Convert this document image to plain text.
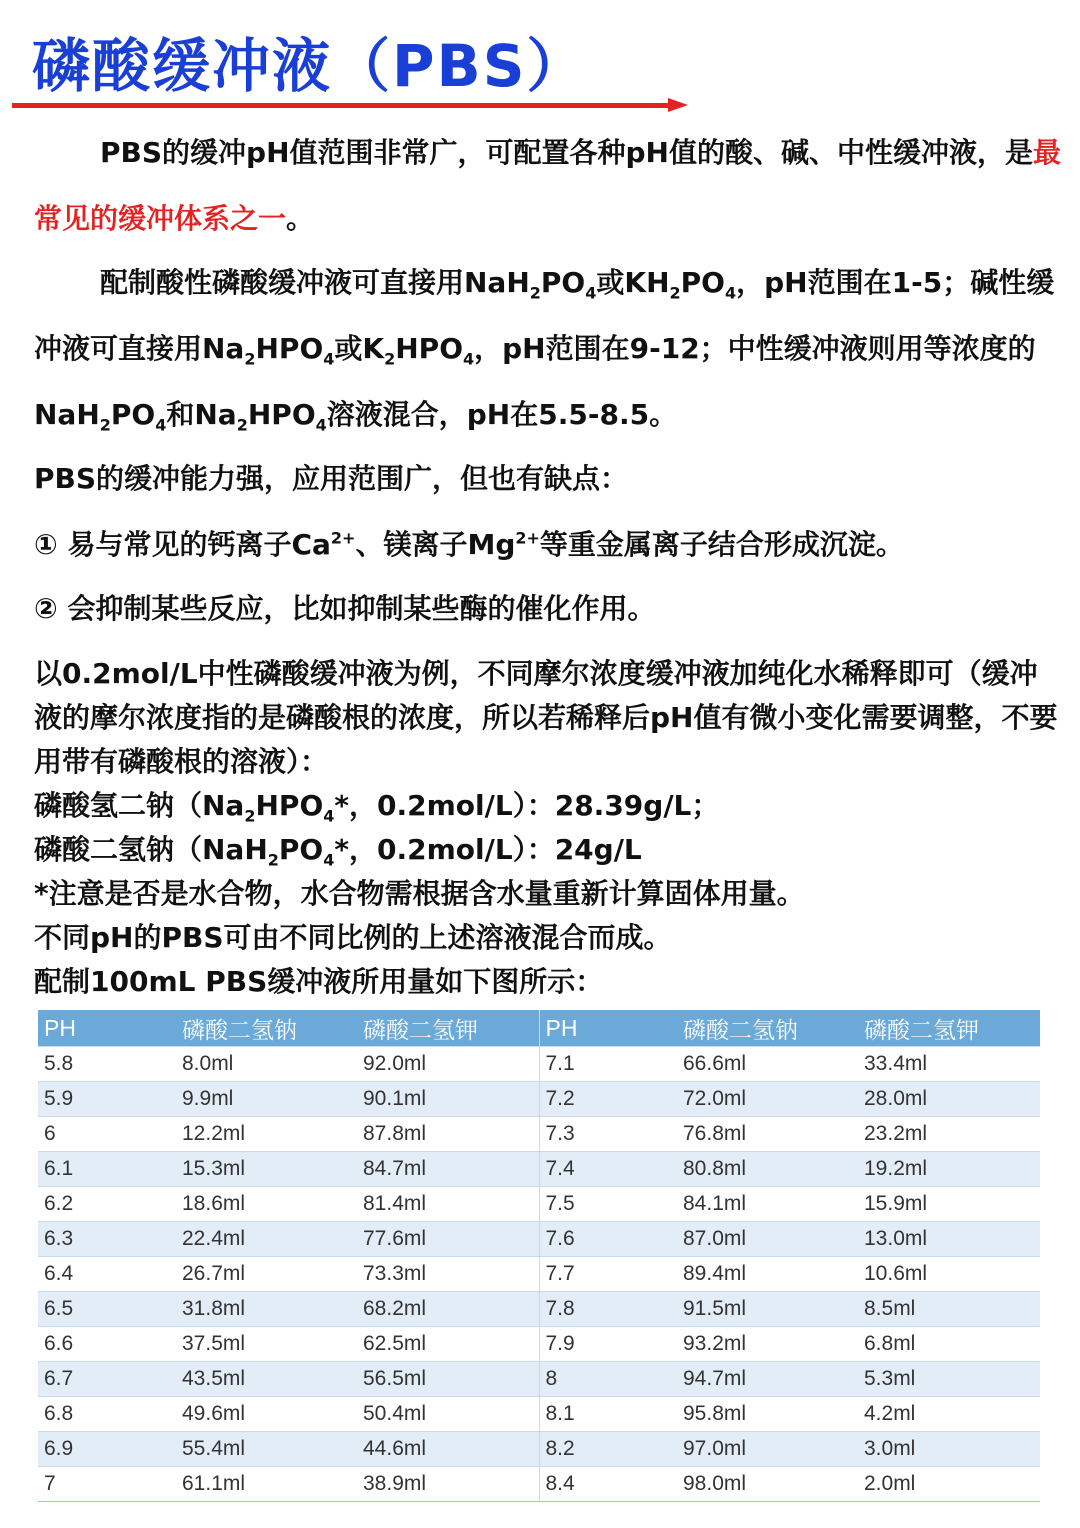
磷酸缓冲液（PBS）

PBS的缓冲pH值范围非常广，可配置各种pH值的酸、碱、中性缓冲液，是最常见的缓冲体系之一。

配制酸性磷酸缓冲液可直接用$NaH_2PO_4$或$KH_2PO_4$，pH范围在1-5；碱性缓冲液可直接用$Na_2HPO_4$或$K_2HPO_4$，pH范围在9-12；中性缓冲液则用等浓度的$NaH_2PO_4$和$Na_2HPO_4$溶液混合，pH在5.5-8.5。

PBS的缓冲能力强，应用范围广，但也有缺点：

① 易与常见的钙离子$Ca^{2+}$、镁离子$Mg^{2+}$等重金属离子结合形成沉淀。

② 会抑制某些反应，比如抑制某些酶的催化作用。

以0.2mol/L中性磷酸缓冲液为例，不同摩尔浓度缓冲液加纯化水稀释即可（缓冲液的摩尔浓度指的是磷酸根的浓度，所以若稀释后pH值有微小变化需要调整，不要用带有磷酸根的溶液）：
磷酸氢二钠（$Na_2HPO_4*$，0.2mol/L）：28.39g/L；
磷酸二氢钠（$NaH_2PO_4*$，0.2mol/L）：24g/L
*注意是否是水合物，水合物需根据含水量重新计算固体用量。
不同pH的PBS可由不同比例的上述溶液混合而成。
配制100mL PBS缓冲液所用量如下图所示：
PH	磷酸二氢钠	磷酸二氢钾	PH	磷酸二氢钠	磷酸二氢钾
5.8	8.0ml	92.0ml	7.1	66.6ml	33.4ml
5.9	9.9ml	90.1ml	7.2	72.0ml	28.0ml
6	12.2ml	87.8ml	7.3	76.8ml	23.2ml
6.1	15.3ml	84.7ml	7.4	80.8ml	19.2ml
6.2	18.6ml	81.4ml	7.5	84.1ml	15.9ml
6.3	22.4ml	77.6ml	7.6	87.0ml	13.0ml
6.4	26.7ml	73.3ml	7.7	89.4ml	10.6ml
6.5	31.8ml	68.2ml	7.8	91.5ml	8.5ml
6.6	37.5ml	62.5ml	7.9	93.2ml	6.8ml
6.7	43.5ml	56.5ml	8	94.7ml	5.3ml
6.8	49.6ml	50.4ml	8.1	95.8ml	4.2ml
6.9	55.4ml	44.6ml	8.2	97.0ml	3.0ml
7	61.1ml	38.9ml	8.4	98.0ml	2.0ml
